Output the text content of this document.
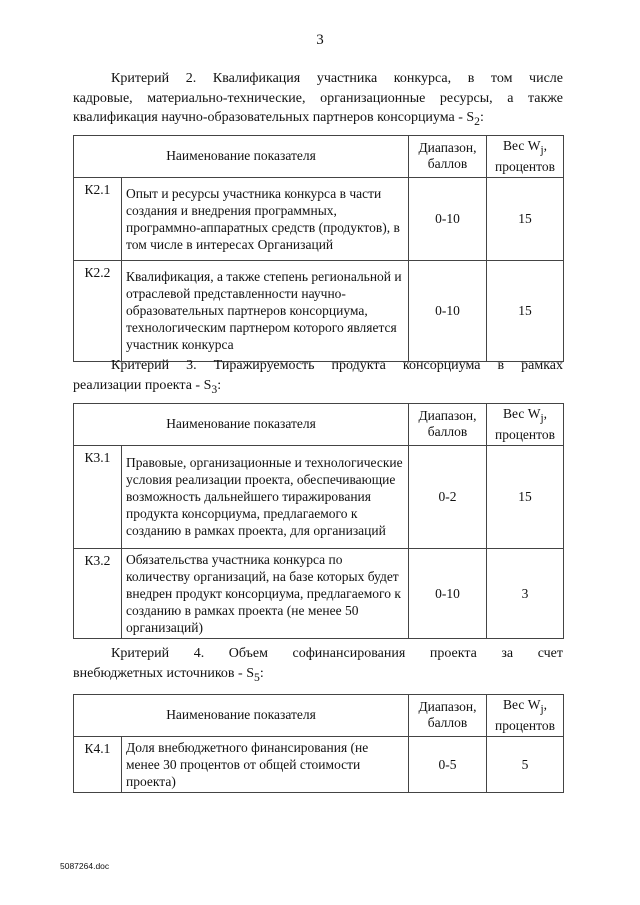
3

Критерий 2. Квалификация участника конкурса, в том числе

кадровые, материально-технические, организационные ресурсы, а также

квалификация научно-образовательных партнеров консорциума - $S_2$:

Наименование показателя		Диапазон, баллов	Вес $W_j$, процентов
К2.1	Опыт и ресурсы участника конкурса в части создания и внедрения программных, программно-аппаратных средств (продуктов), в том числе в интересах Организаций	0-10	15
К2.2	Квалификация, а также степень региональной и отраслевой представленности научно-образовательных партнеров консорциума, технологическим партнером которого является участник конкурса	0-10	15

Критерий 3. Тиражируемость продукта консорциума в рамках

реализации проекта - $S_3$:

Наименование показателя		Диапазон, баллов	Вес $W_j$, процентов
К3.1	Правовые, организационные и технологические условия реализации проекта, обеспечивающие возможность дальнейшего тиражирования продукта консорциума, предлагаемого к созданию в рамках проекта, для организаций	0-2	15
К3.2	Обязательства участника конкурса по количеству организаций, на базе которых будет внедрен продукт консорциума, предлагаемого к созданию в рамках проекта (не менее 50 организаций)	0-10	3

Критерий 4. Объем софинансирования проекта за счет

внебюджетных источников - $S_5$:

Наименование показателя		Диапазон, баллов	Вес $W_j$, процентов
К4.1	Доля внебюджетного финансирования (не менее 30 процентов от общей стоимости проекта)	0-5	5
5087264.doc
